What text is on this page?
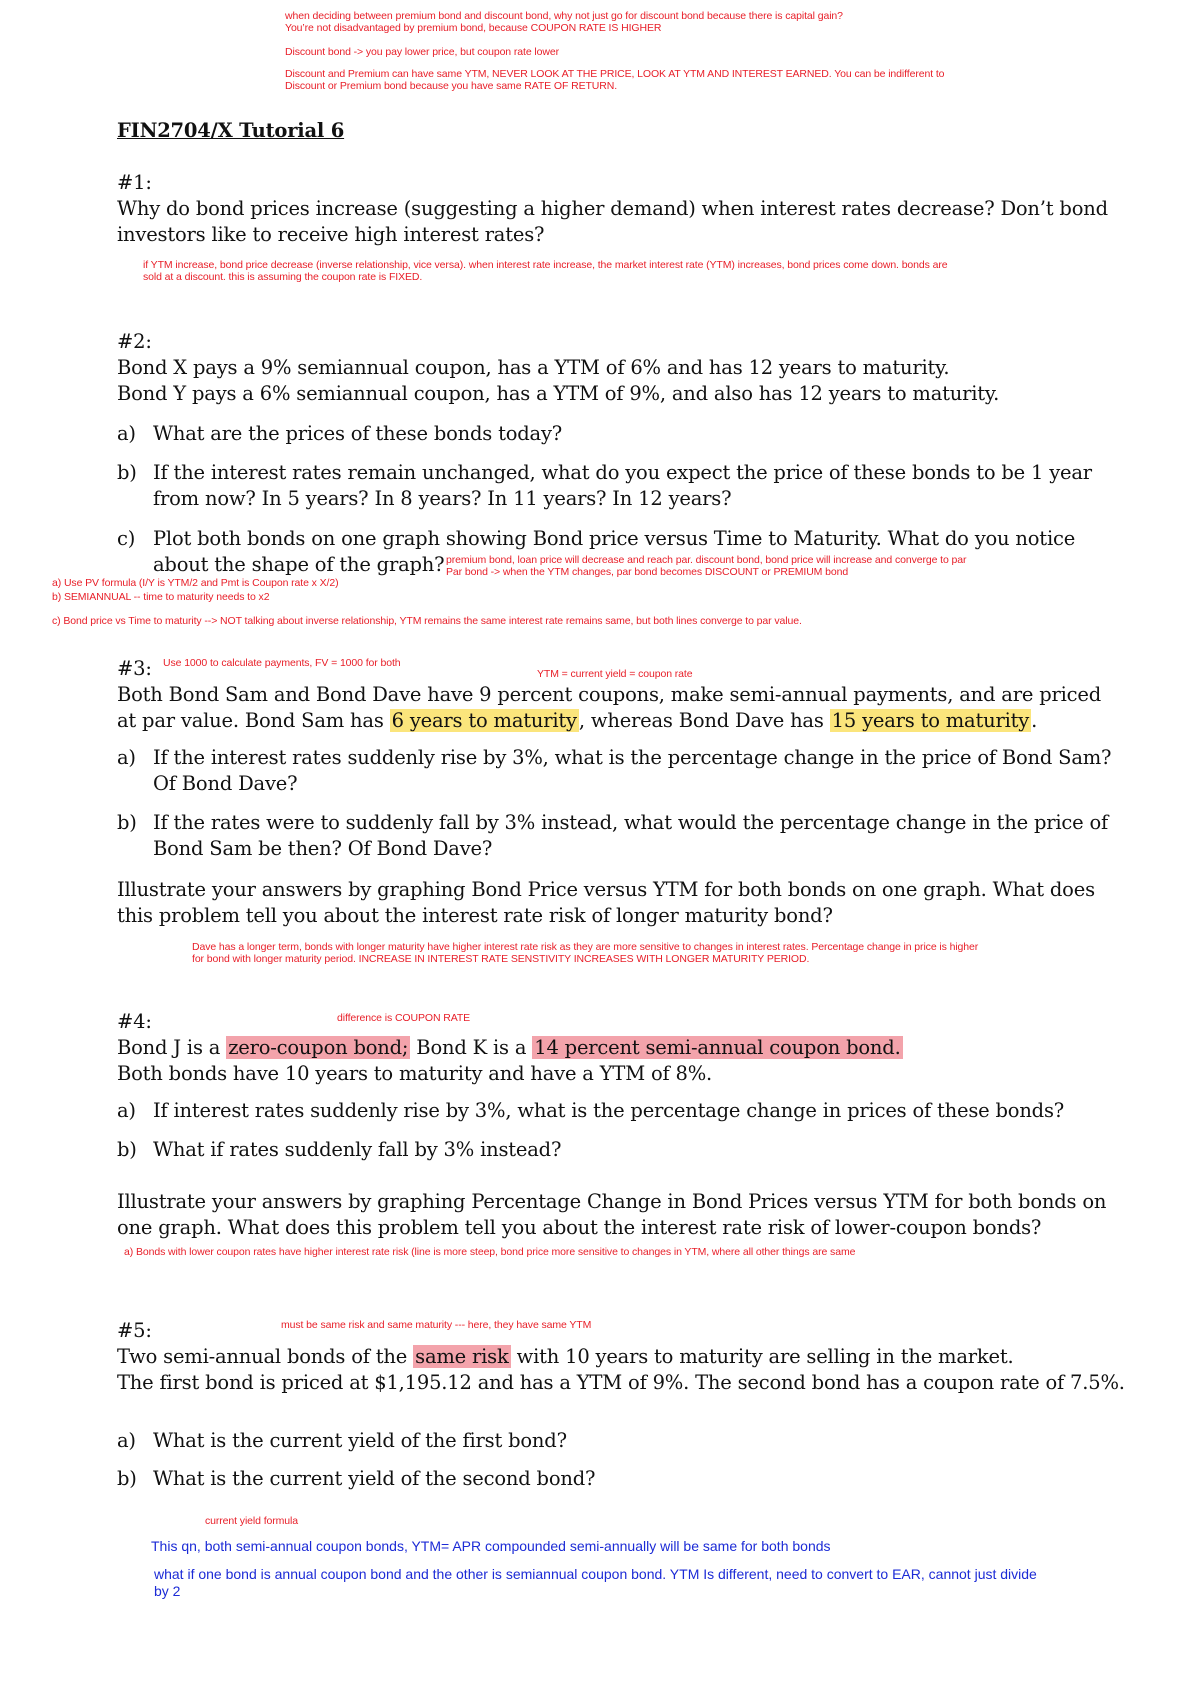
when deciding between premium bond and discount bond, why not just go for discount bond because there is capital gain?
You’re not disadvantaged by premium bond, because COUPON RATE IS HIGHER
Discount bond -> you pay lower price, but coupon rate lower
Discount and Premium can have same YTM, NEVER LOOK AT THE PRICE, LOOK AT YTM AND INTEREST EARNED. You can be indifferent to
Discount or Premium bond because you have same RATE OF RETURN.
FIN2704/X Tutorial 6
#1:
Why do bond prices increase (suggesting a higher demand) when interest rates decrease? Don’t bond
investors like to receive high interest rates?
if YTM increase, bond price decrease (inverse relationship, vice versa). when interest rate increase, the market interest rate (YTM) increases, bond prices come down. bonds are
sold at a discount. this is assuming the coupon rate is FIXED.
#2:
Bond X pays a 9% semiannual coupon, has a YTM of 6% and has 12 years to maturity.
Bond Y pays a 6% semiannual coupon, has a YTM of 9%, and also has 12 years to maturity.
a) What are the prices of these bonds today?
b) If the interest rates remain unchanged, what do you expect the price of these bonds to be 1 year
from now? In 5 years? In 8 years? In 11 years? In 12 years?
c) Plot both bonds on one graph showing Bond price versus Time to Maturity. What do you notice
about the shape of the graph? premium bond, loan price will decrease and reach par. discount bond, bond price will increase and converge to par
Par bond -> when the YTM changes, par bond becomes DISCOUNT or PREMIUM bond
a) Use PV formula (I/Y is YTM/2 and Pmt is Coupon rate x X/2)
b) SEMIANNUAL -- time to maturity needs to x2
c) Bond price vs Time to maturity --> NOT talking about inverse relationship, YTM remains the same interest rate remains same, but both lines converge to par value.
Use 1000 to calculate payments, FV = 1000 for both
YTM = current yield = coupon rate
#3:
Both Bond Sam and Bond Dave have 9 percent coupons, make semi-annual payments, and are priced
at par value. Bond Sam has 6 years to maturity , whereas Bond Dave has 15 years to maturity .
a) If the interest rates suddenly rise by 3%, what is the percentage change in the price of Bond Sam?
Of Bond Dave?
b) If the rates were to suddenly fall by 3% instead, what would the percentage change in the price of
Bond Sam be then? Of Bond Dave?
Illustrate your answers by graphing Bond Price versus YTM for both bonds on one graph. What does
this problem tell you about the interest rate risk of longer maturity bond?
Dave has a longer term, bonds with longer maturity have higher interest rate risk as they are more sensitive to changes in interest rates. Percentage change in price is higher
for bond with longer maturity period. INCREASE IN INTEREST RATE SENSTIVITY INCREASES WITH LONGER MATURITY PERIOD.
difference is COUPON RATE
#4:
Bond J is a zero-coupon bond; Bond K is a 14 percent semi-annual coupon bond.
Both bonds have 10 years to maturity and have a YTM of 8%.
a) If interest rates suddenly rise by 3%, what is the percentage change in prices of these bonds?
b) What if rates suddenly fall by 3% instead?
Illustrate your answers by graphing Percentage Change in Bond Prices versus YTM for both bonds on
one graph. What does this problem tell you about the interest rate risk of lower-coupon bonds?
a) Bonds with lower coupon rates have higher interest rate risk (line is more steep, bond price more sensitive to changes in YTM, where all other things are same
must be same risk and same maturity --- here, they have same YTM
#5:
Two semi-annual bonds of the same risk with 10 years to maturity are selling in the market.
The first bond is priced at $1,195.12 and has a YTM of 9%. The second bond has a coupon rate of 7.5%.
a) What is the current yield of the first bond?
b) What is the current yield of the second bond?
current yield formula
This qn, both semi-annual coupon bonds, YTM= APR compounded semi-annually will be same for both bonds
what if one bond is annual coupon bond and the other is semiannual coupon bond. YTM Is different, need to convert to EAR, cannot just divide
by 2
